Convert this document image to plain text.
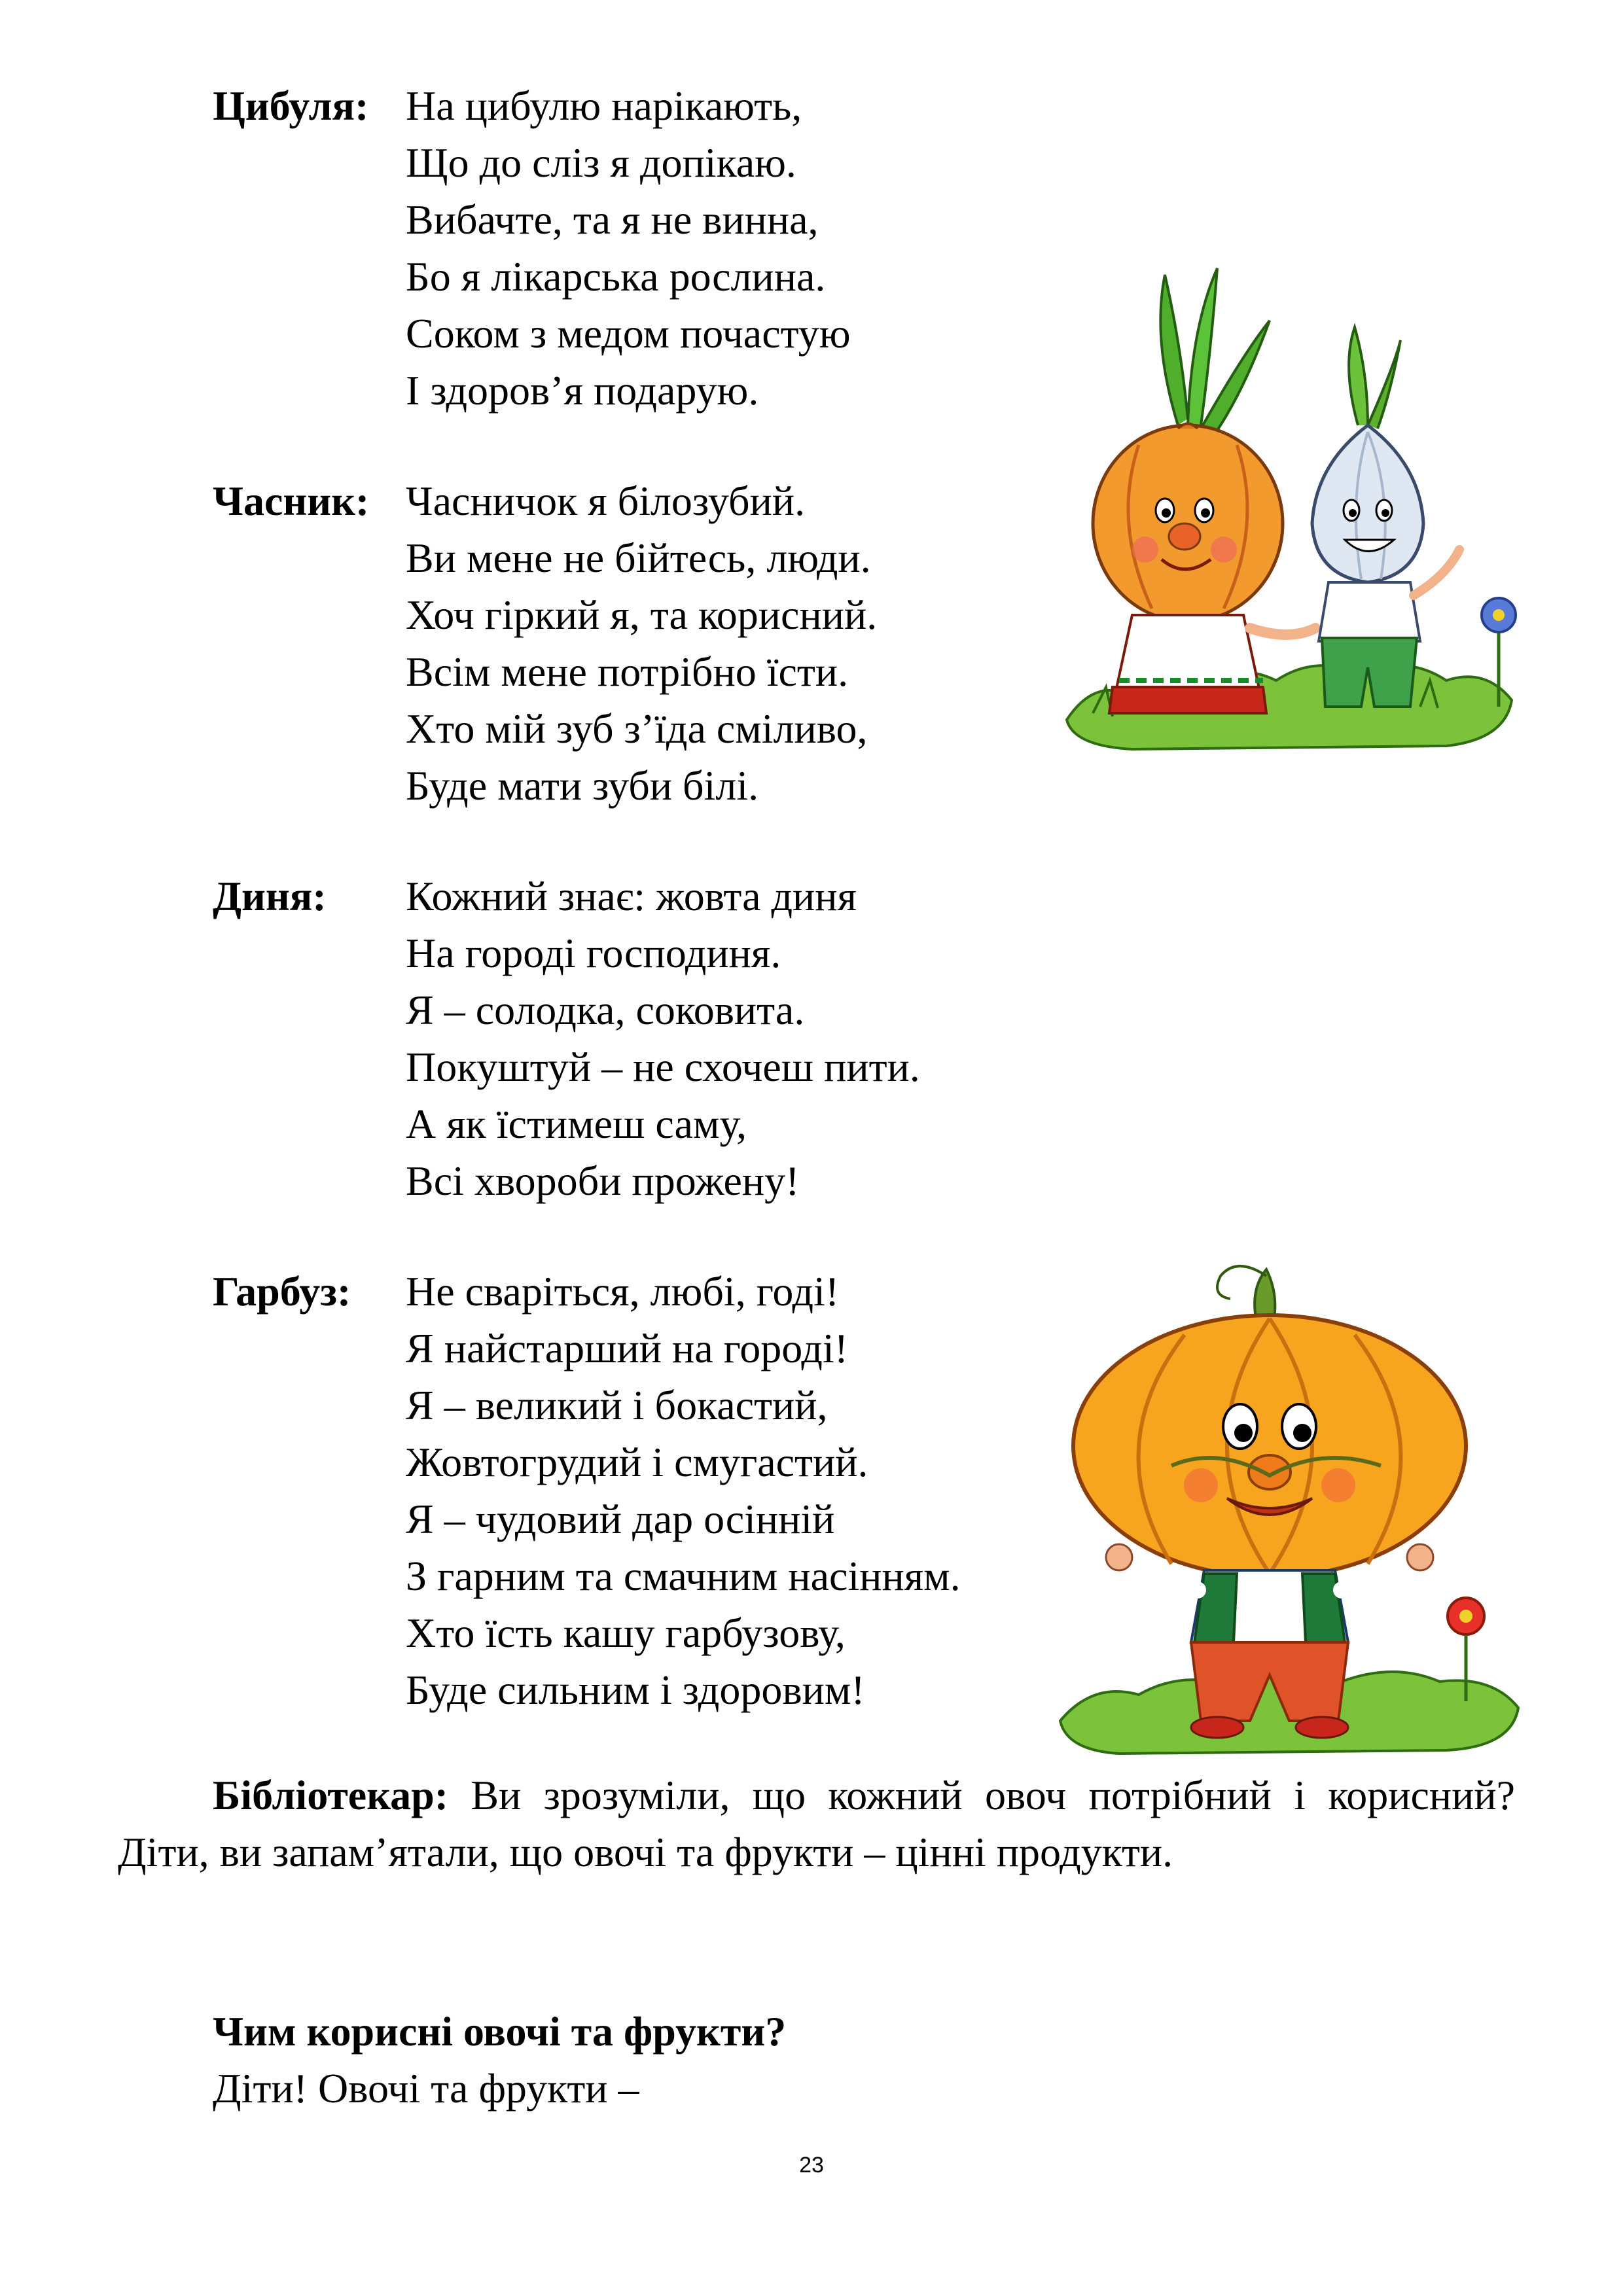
Цибуля: На цибулю нарікають,
Що до сліз я допікаю.
Вибачте, та я не винна,
Бо я лікарська рослина.
Соком з медом почастую
І здоров’я подарую.
Часник: Часничок я білозубий.
Ви мене не бійтесь, люди.
Хоч гіркий я, та корисний.
Всім мене потрібно їсти.
Хто мій зуб з’їда сміливо,
Буде мати зуби білі.
Диня: Кожний знає: жовта диня
На городі господиня.
Я – солодка, соковита.
Покуштуй – не схочеш пити.
А як їстимеш саму,
Всі хвороби прожену!
Гарбуз: Не сваріться, любі, годі!
Я найстарший на городі!
Я – великий і бокастий,
Жовтогрудий і смугастий.
Я – чудовий дар осінній
З гарним та смачним насінням.
Хто їсть кашу гарбузову,
Буде сильним і здоровим!
Бібліотекар: Ви зрозуміли, що кожний овоч потрібний і корисний? Діти, ви запам’ятали, що овочі та фрукти – цінні продукти.
Чим корисні овочі та фрукти?
Діти! Овочі та фрукти –
23
